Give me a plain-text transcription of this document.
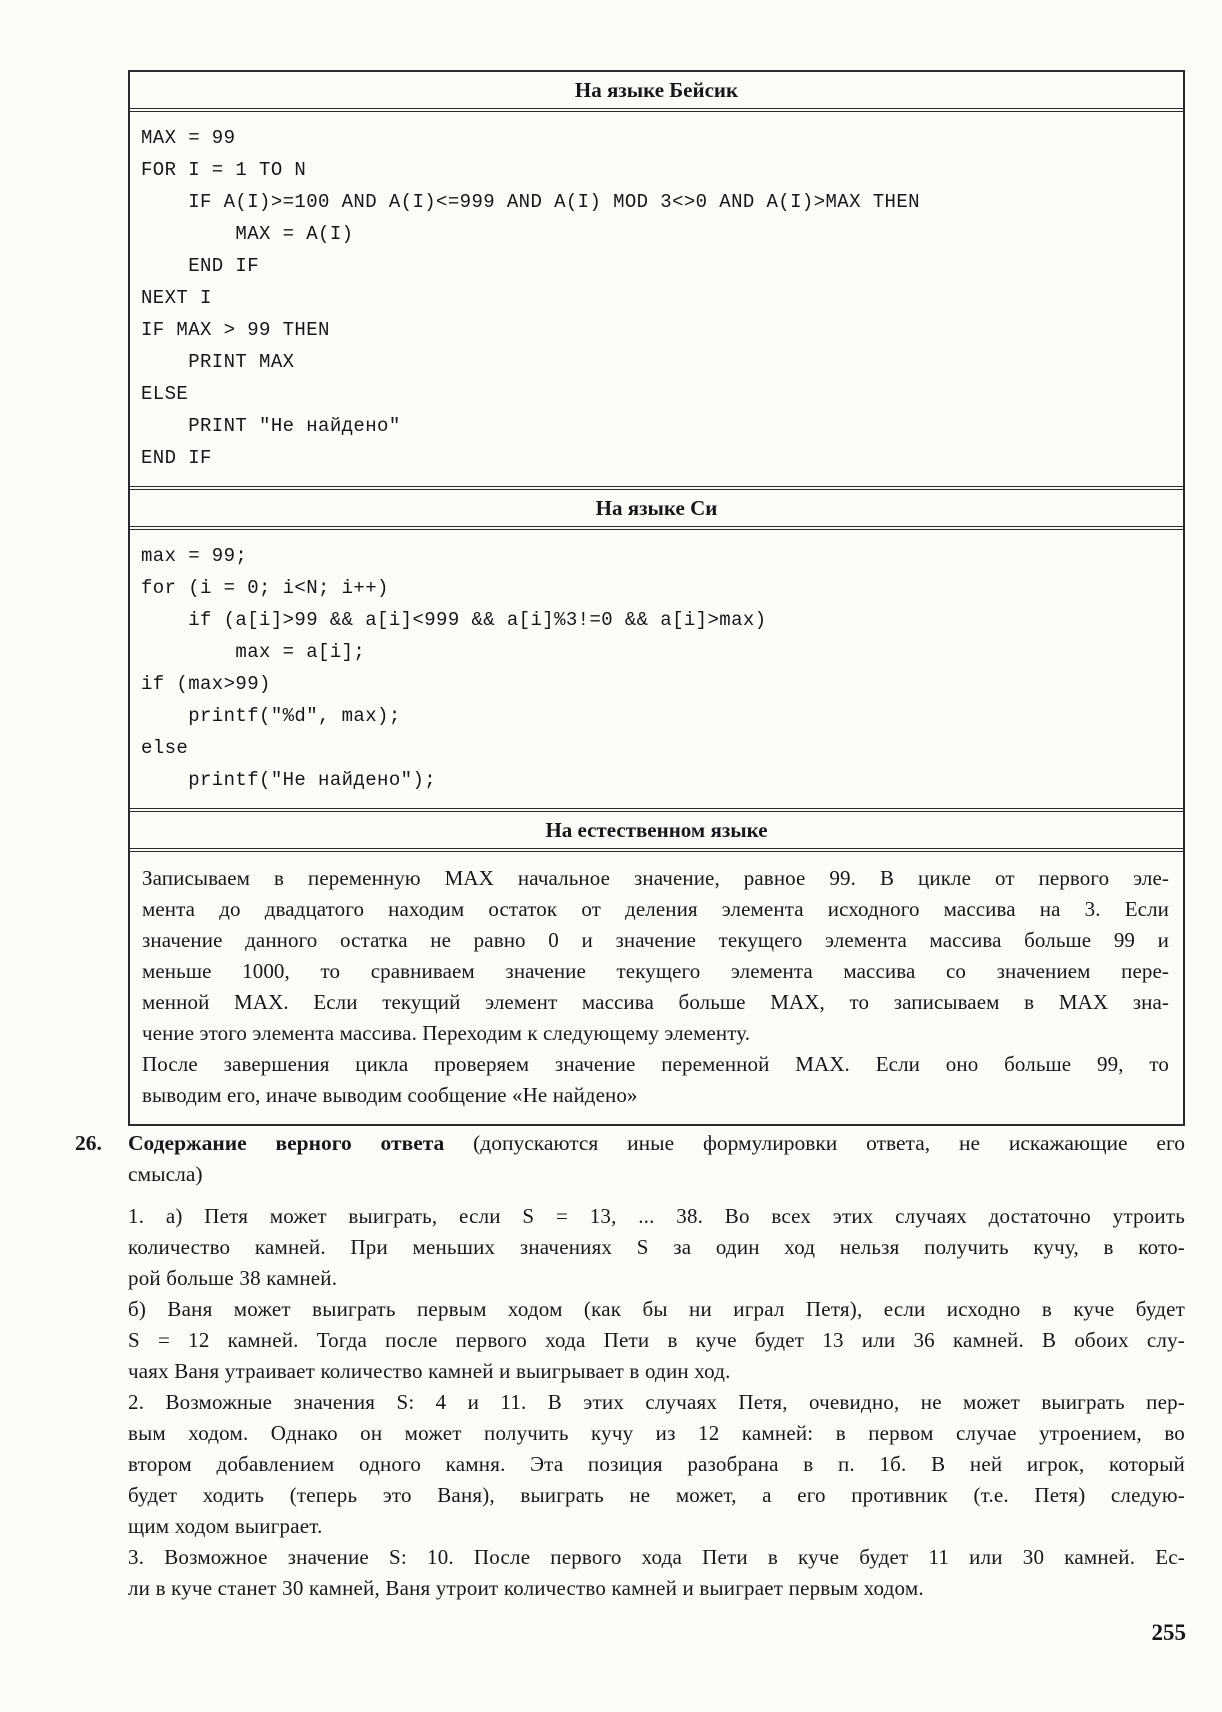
На языке Бейсик
MAX = 99
FOR I = 1 TO N
IF A(I)>=100 AND A(I)<=999 AND A(I) MOD 3<>0 AND A(I)>MAX THEN
MAX = A(I)
END IF
NEXT I
IF MAX > 99 THEN
PRINT MAX
ELSE
PRINT "Не найдено"
END IF
На языке Си
max = 99;
for (i = 0; i<N; i++)
if (a[i]>99 && a[i]<999 && a[i]%3!=0 && a[i]>max)
max = a[i];
if (max>99)
printf("%d", max);
else
printf("Не найдено");
На естественном языке
Записываем в переменную MAX начальное значение, равное 99. В цикле от первого эле-
мента до двадцатого находим остаток от деления элемента исходного массива на 3. Если
значение данного остатка не равно 0 и значение текущего элемента массива больше 99 и
меньше 1000, то сравниваем значение текущего элемента массива со значением пере-
менной MAX. Если текущий элемент массива больше MAX, то записываем в MAX зна-
чение этого элемента массива. Переходим к следующему элементу.
После завершения цикла проверяем значение переменной MAX. Если оно больше 99, то
выводим его, иначе выводим сообщение «Не найдено»
26.	Содержание верного ответа (допускаются иные формулировки ответа, не искажающие его
смысла)
1. а) Петя может выиграть, если S = 13, ... 38. Во всех этих случаях достаточно утроить
количество камней. При меньших значениях S за один ход нельзя получить кучу, в кото-
рой больше 38 камней.
б) Ваня может выиграть первым ходом (как бы ни играл Петя), если исходно в куче будет
S = 12 камней. Тогда после первого хода Пети в куче будет 13 или 36 камней. В обоих слу-
чаях Ваня утраивает количество камней и выигрывает в один ход.
2. Возможные значения S: 4 и 11. В этих случаях Петя, очевидно, не может выиграть пер-
вым ходом. Однако он может получить кучу из 12 камней: в первом случае утроением, во
втором добавлением одного камня. Эта позиция разобрана в п. 1б. В ней игрок, который
будет ходить (теперь это Ваня), выиграть не может, а его противник (т.е. Петя) следую-
щим ходом выиграет.
3. Возможное значение S: 10. После первого хода Пети в куче будет 11 или 30 камней. Ес-
ли в куче станет 30 камней, Ваня утроит количество камней и выиграет первым ходом.
255
